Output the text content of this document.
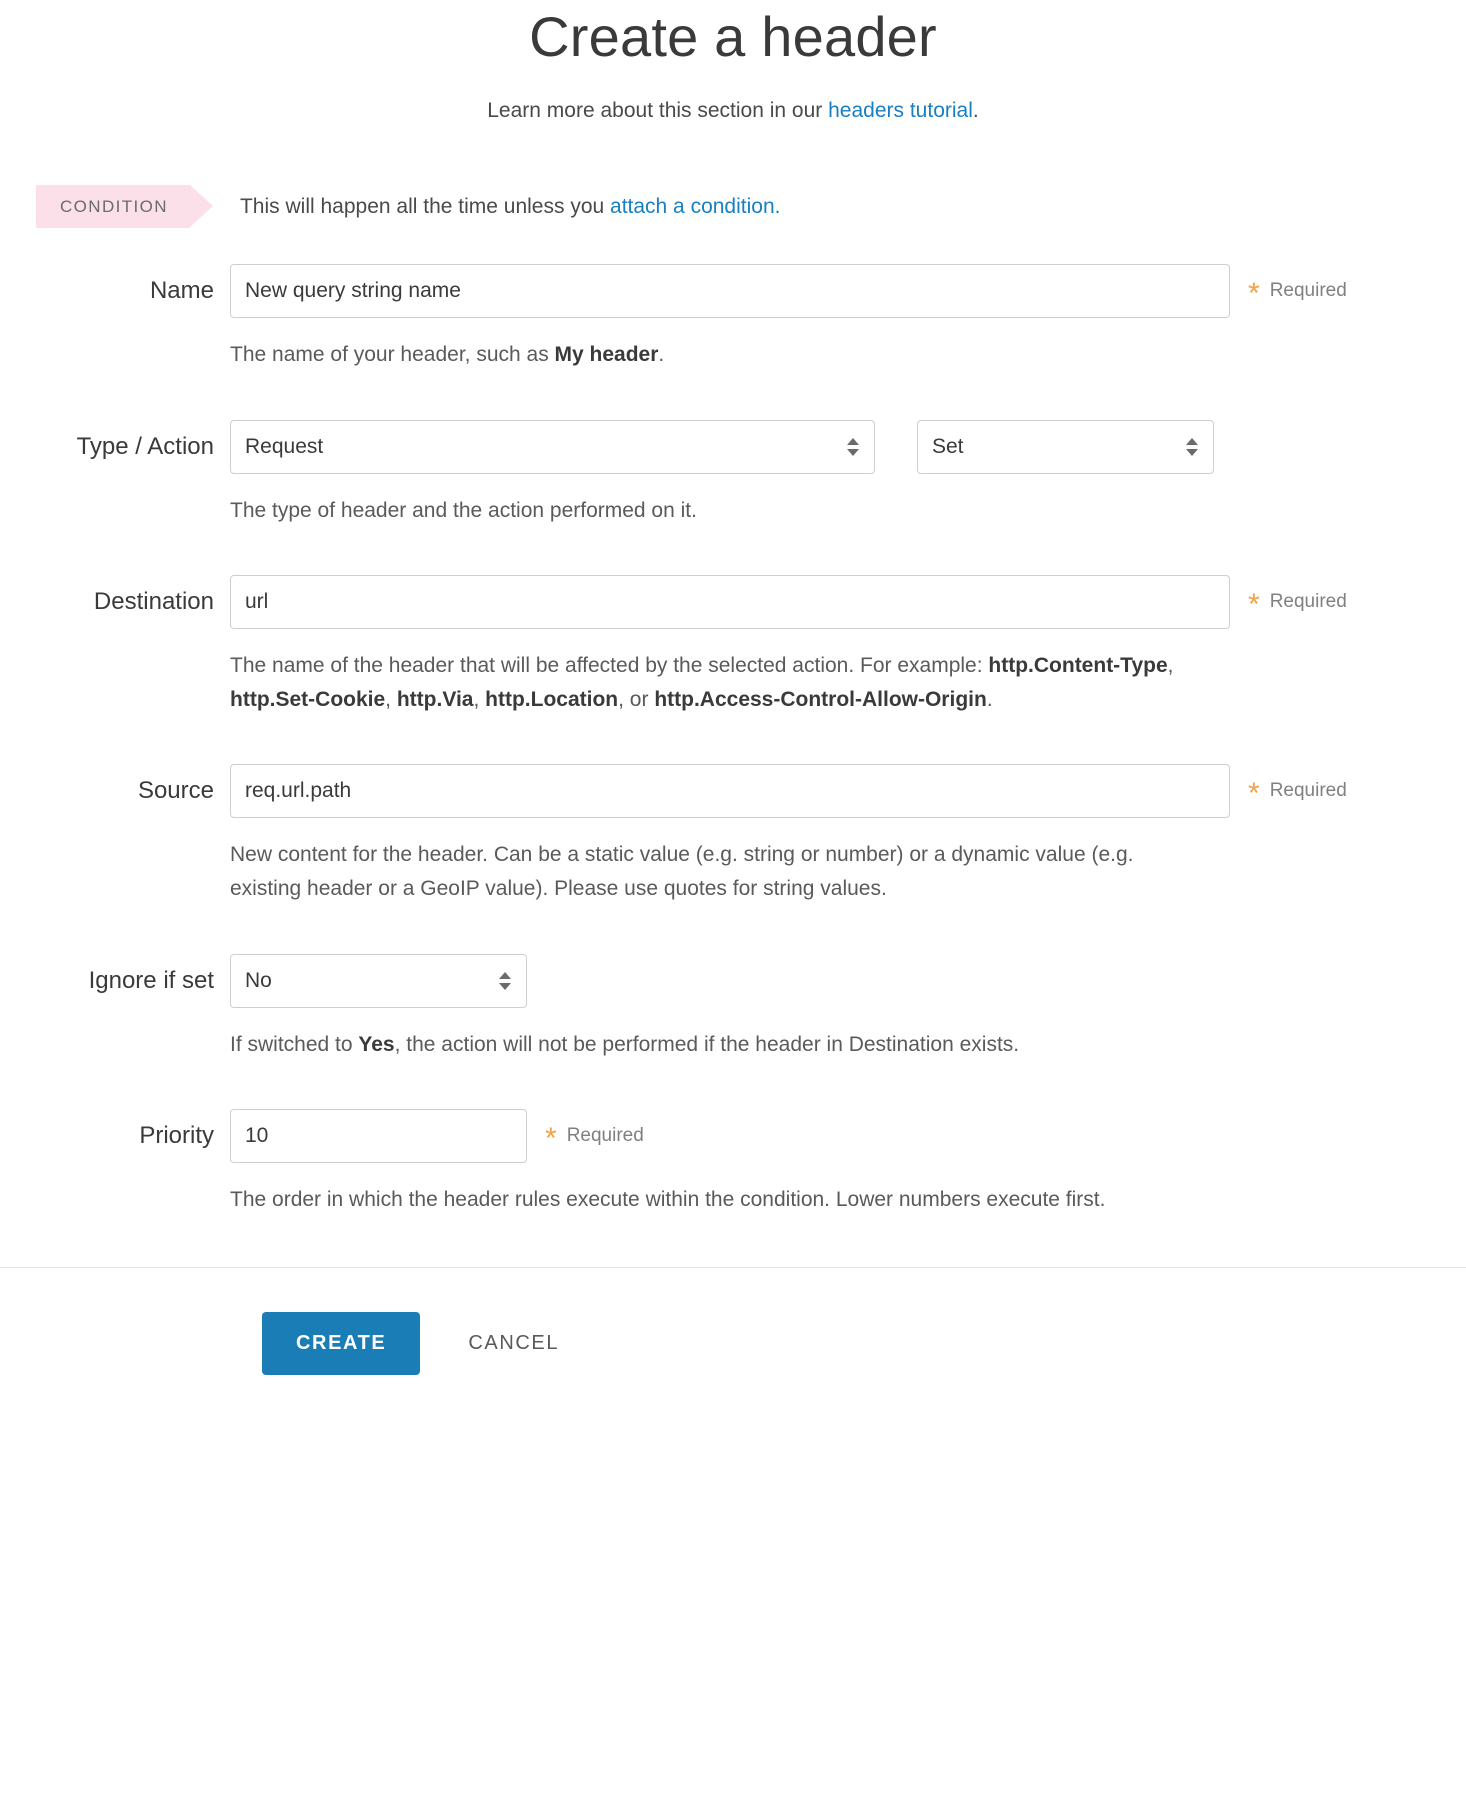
Create a header
Learn more about this section in our headers tutorial.
CONDITION	This will happen all the time unless you attach a condition.
Name
New query string name	* Required
The name of your header, such as My header.
Type / Action
Request
Set
The type of header and the action performed on it.
Destination
url	* Required
The name of the header that will be affected by the selected action. For example: http.Content-Type, http.Set-Cookie, http.Via, http.Location, or http.Access-Control-Allow-Origin.
Source
req.url.path	* Required
New content for the header. Can be a static value (e.g. string or number) or a dynamic value (e.g. existing header or a GeoIP value). Please use quotes for string values.
Ignore if set
No
If switched to Yes, the action will not be performed if the header in Destination exists.
Priority
10	* Required
The order in which the header rules execute within the condition. Lower numbers execute first.
CREATE	CANCEL
